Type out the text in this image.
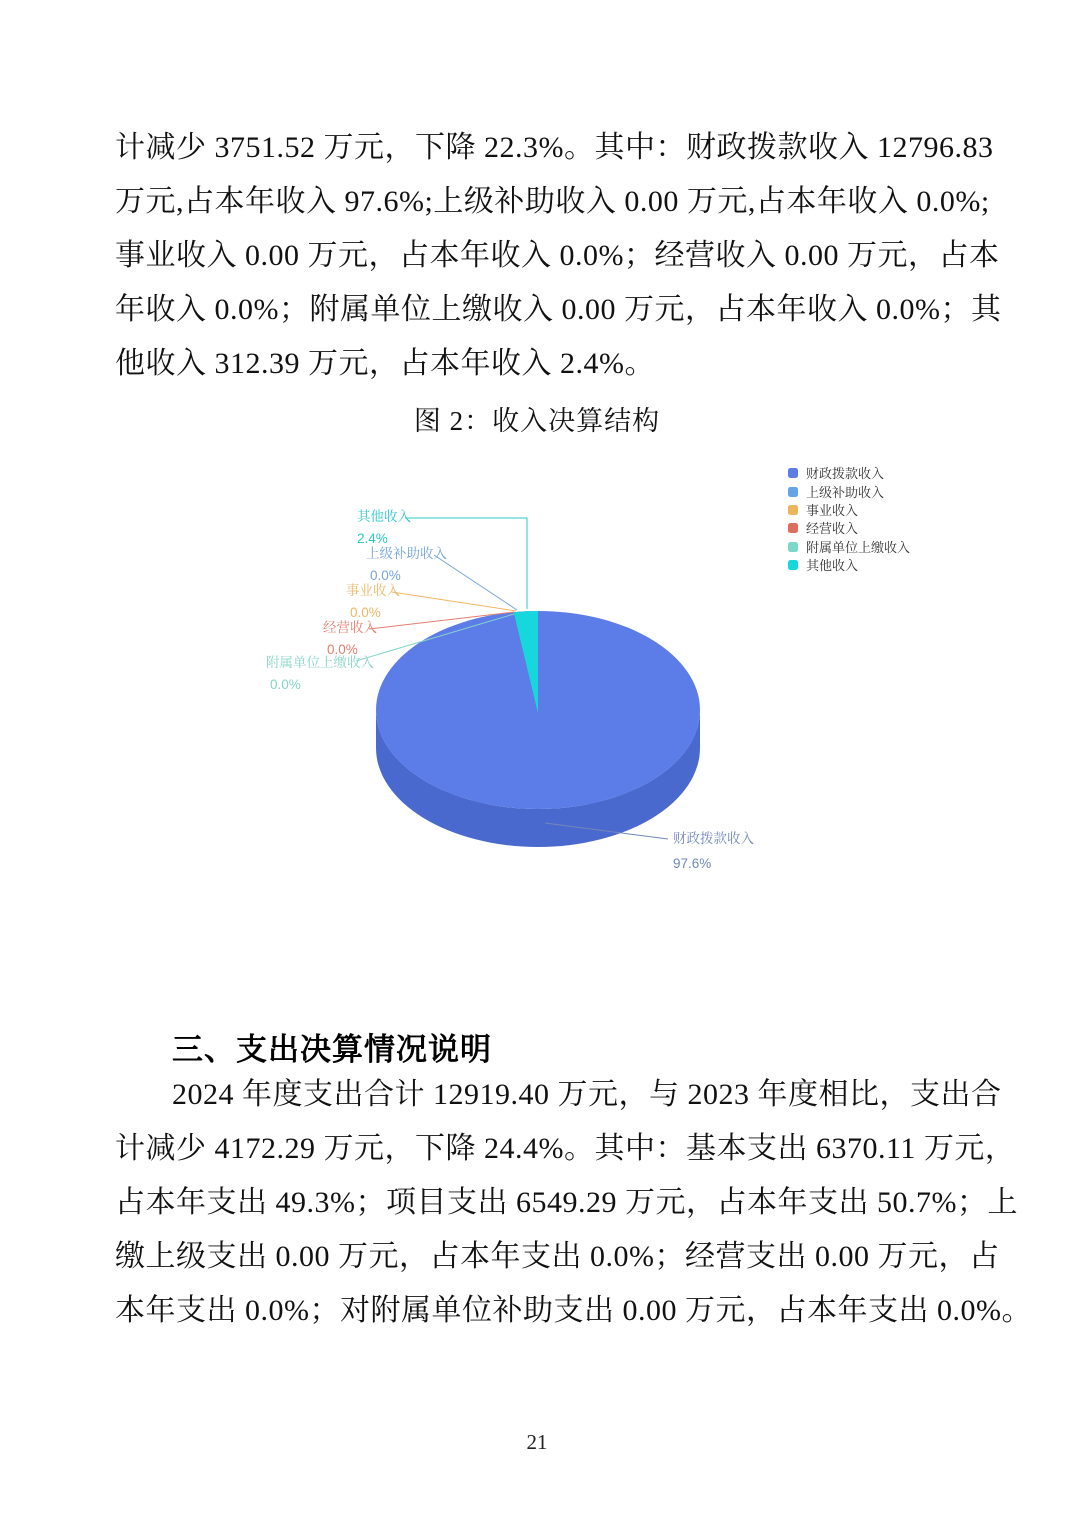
计减少 3751.52 万元，下降 22.3%。其中：财政拨款收入 12796.83
万元,占本年收入 97.6%;上级补助收入 0.00 万元,占本年收入 0.0%;
事业收入 0.00 万元，占本年收入 0.0%；经营收入 0.00 万元，占本
年收入 0.0%；附属单位上缴收入 0.00 万元，占本年收入 0.0%；其
他收入 312.39 万元，占本年收入 2.4%。
图 2：收入决算结构
其他收入
2.4%
上级补助收入
0.0%
事业收入
0.0%
经营收入
0.0%
附属单位上缴收入
0.0%
财政拨款收入
97.6%
财政拨款收入
上级补助收入
事业收入
经营收入
附属单位上缴收入
其他收入
三、支出决算情况说明
2024 年度支出合计 12919.40 万元，与 2023 年度相比，支出合
计减少 4172.29 万元，下降 24.4%。其中：基本支出 6370.11 万元，
占本年支出 49.3%；项目支出 6549.29 万元，占本年支出 50.7%；上
缴上级支出 0.00 万元，占本年支出 0.0%；经营支出 0.00 万元，占
本年支出 0.0%；对附属单位补助支出 0.00 万元，占本年支出 0.0%。
21
